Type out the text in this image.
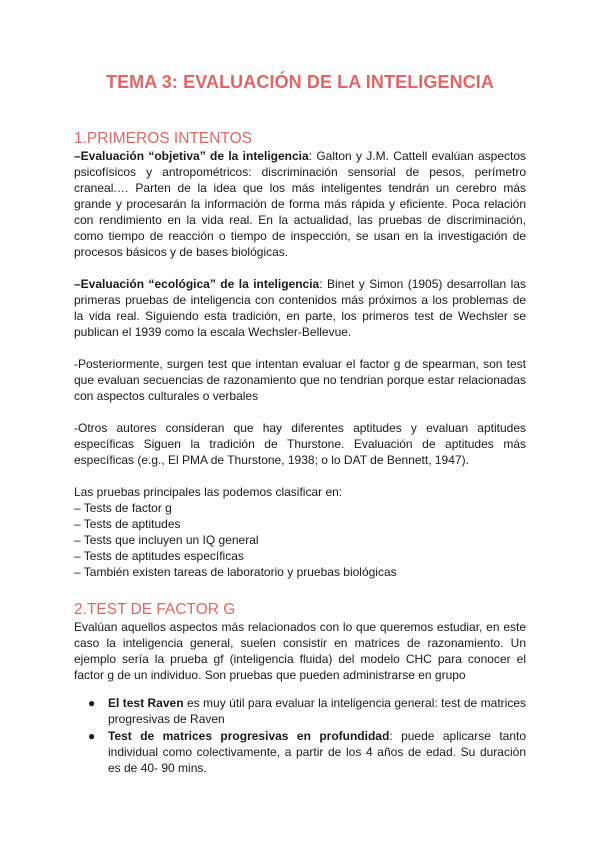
TEMA 3: EVALUACIÓN DE LA INTELIGENCIA
1.PRIMEROS INTENTOS

–Evaluación “objetiva” de la inteligencia: Galton y J.M. Cattell evalúan aspectos psicofísicos y antropométricos: discriminación sensorial de pesos, perímetro craneal.… Parten de la idea que los más inteligentes tendrán un cerebro más grande y procesarán la información de forma más rápida y eficiente. Poca relación con rendimiento en la vida real. En la actualidad, las pruebas de discriminación, como tiempo de reacción o tiempo de inspección, se usan en la investigación de procesos básicos y de bases biológicas.

–Evaluación “ecológica” de la inteligencia: Binet y Simon (1905) desarrollan las primeras pruebas de inteligencia con contenidos más próximos a los problemas de la vida real. Siguiendo esta tradición, en parte, los primeros test de Wechsler se publican el 1939 como la escala Wechsler-Bellevue.

-Posteriormente, surgen test que intentan evaluar el factor g de spearman, son test que evaluan secuencias de razonamiento que no tendrian porque estar relacionadas con aspectos culturales o verbales

-Otros autores consideran que hay diferentes aptitudes y evaluan aptitudes específicas Siguen la tradición de Thurstone. Evaluación de aptitudes más específicas (e.g., El PMA de Thurstone, 1938; o lo DAT de Bennett, 1947).

Las pruebas principales las podemos clasificar en:
– Tests de factor g
– Tests de aptitudes
– Tests que incluyen un IQ general
– Tests de aptitudes específicas
– También existen tareas de laboratorio y pruebas biológicas
2.TEST DE FACTOR G

Evalúan aquellos aspectos más relacionados con lo que queremos estudiar, en este caso la inteligencia general, suelen consistir en matrices de razonamiento. Un ejemplo sería la prueba gf (inteligencia fluida) del modelo CHC para conocer el factor g de un individuo. Son pruebas que pueden administrarse en grupo

● El test Raven es muy útil para evaluar la inteligencia general: test de matrices progresivas de Raven
● Test de matrices progresivas en profundidad: puede aplicarse tanto individual como colectivamente, a partir de los 4 años de edad. Su duración es de 40- 90 mins.
